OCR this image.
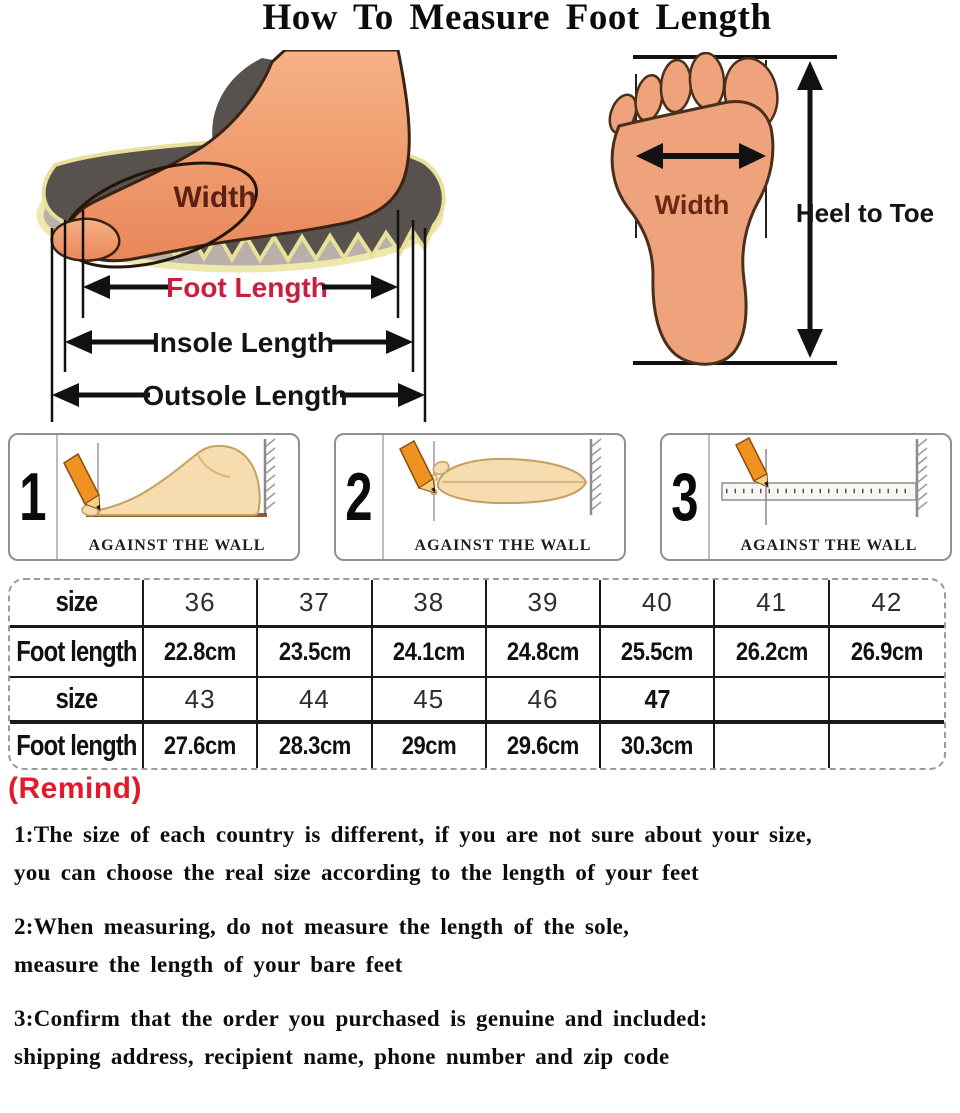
How To Measure Foot Length
Width
Foot Length
Insole Length
Outsole Length
Heel to Toe
Width
1
AGAINST THE WALL
2
AGAINST THE WALL
3
AGAINST THE WALL
size	36	37	38	39	40	41	42
Foot length 22.8cm 23.5cm 24.1cm 24.8cm 25.5cm 26.2cm 26.9cm
size	43	44	45	46	47
Foot length 27.6cm 28.3cm 29cm 29.6cm 30.3cm
(Remind)
1:The size of each country is different, if you are not sure about your size,
you can choose the real size according to the length of your feet
2:When measuring, do not measure the length of the sole,
measure the length of your bare feet
3:Confirm that the order you purchased is genuine and included:
shipping address, recipient name, phone number and zip code
